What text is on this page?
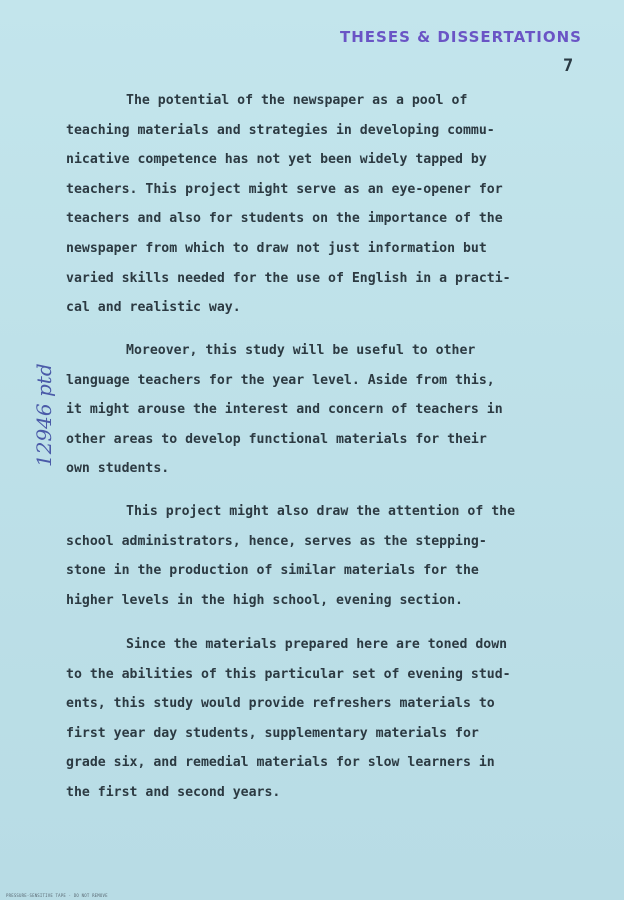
THESES & DISSERTATIONS
7
12946 ptd
The potential of the newspaper as a pool of
teaching materials and strategies in developing commu-
nicative competence has not yet been widely tapped by
teachers. This project might serve as an eye-opener for
teachers and also for students on the importance of the
newspaper from which to draw not just information but
varied skills needed for the use of English in a practi-
cal and realistic way.
Moreover, this study will be useful to other
language teachers for the year level. Aside from this,
it might arouse the interest and concern of teachers in
other areas to develop functional materials for their
own students.
This project might also draw the attention of the
school administrators, hence, serves as the stepping-
stone in the production of similar materials for the
higher levels in the high school, evening section.
Since the materials prepared here are toned down
to the abilities of this particular set of evening stud-
ents, this study would provide refreshers materials to
first year day students, supplementary materials for
grade six, and remedial materials for slow learners in
the first and second years.
PRESSURE-SENSITIVE TAPE · DO NOT REMOVE
